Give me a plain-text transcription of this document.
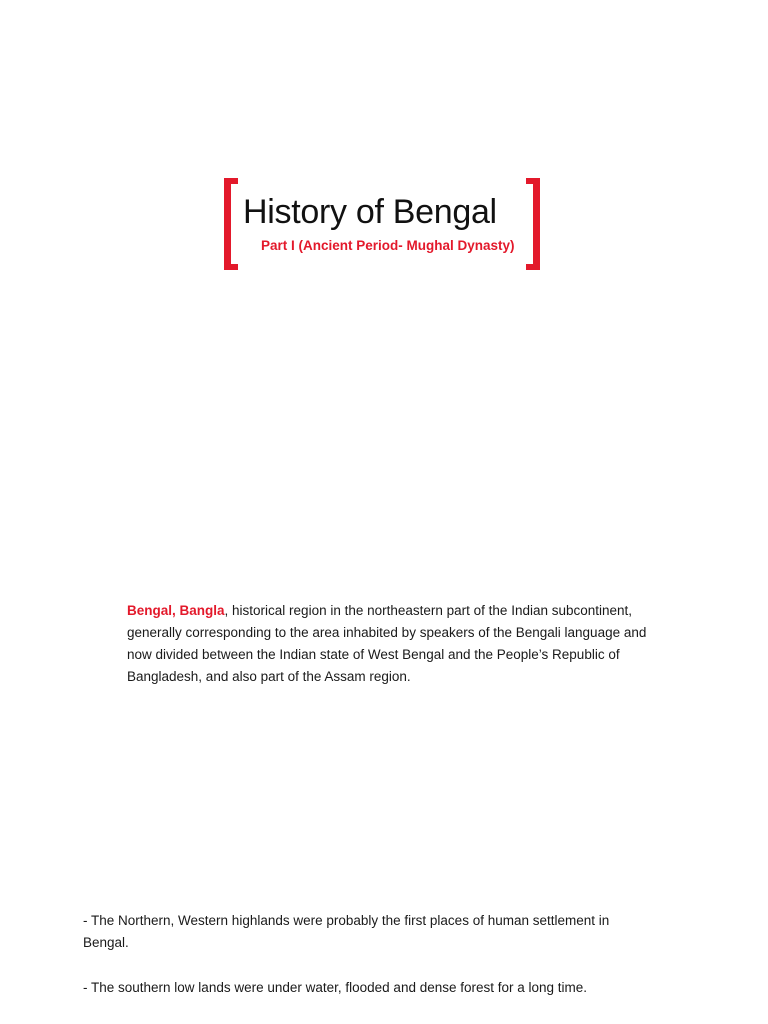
History of Bengal
Part I (Ancient Period- Mughal Dynasty)

Bengal, Bangla, historical region in the northeastern part of the Indian subcontinent, generally corresponding to the area inhabited by speakers of the Bengali language and now divided between the Indian state of West Bengal and the People’s Republic of Bangladesh, and also part of the Assam region.

- The Northern, Western highlands were probably the first places of human settlement in Bengal.

- The southern low lands were under water, flooded and dense forest for a long time.
